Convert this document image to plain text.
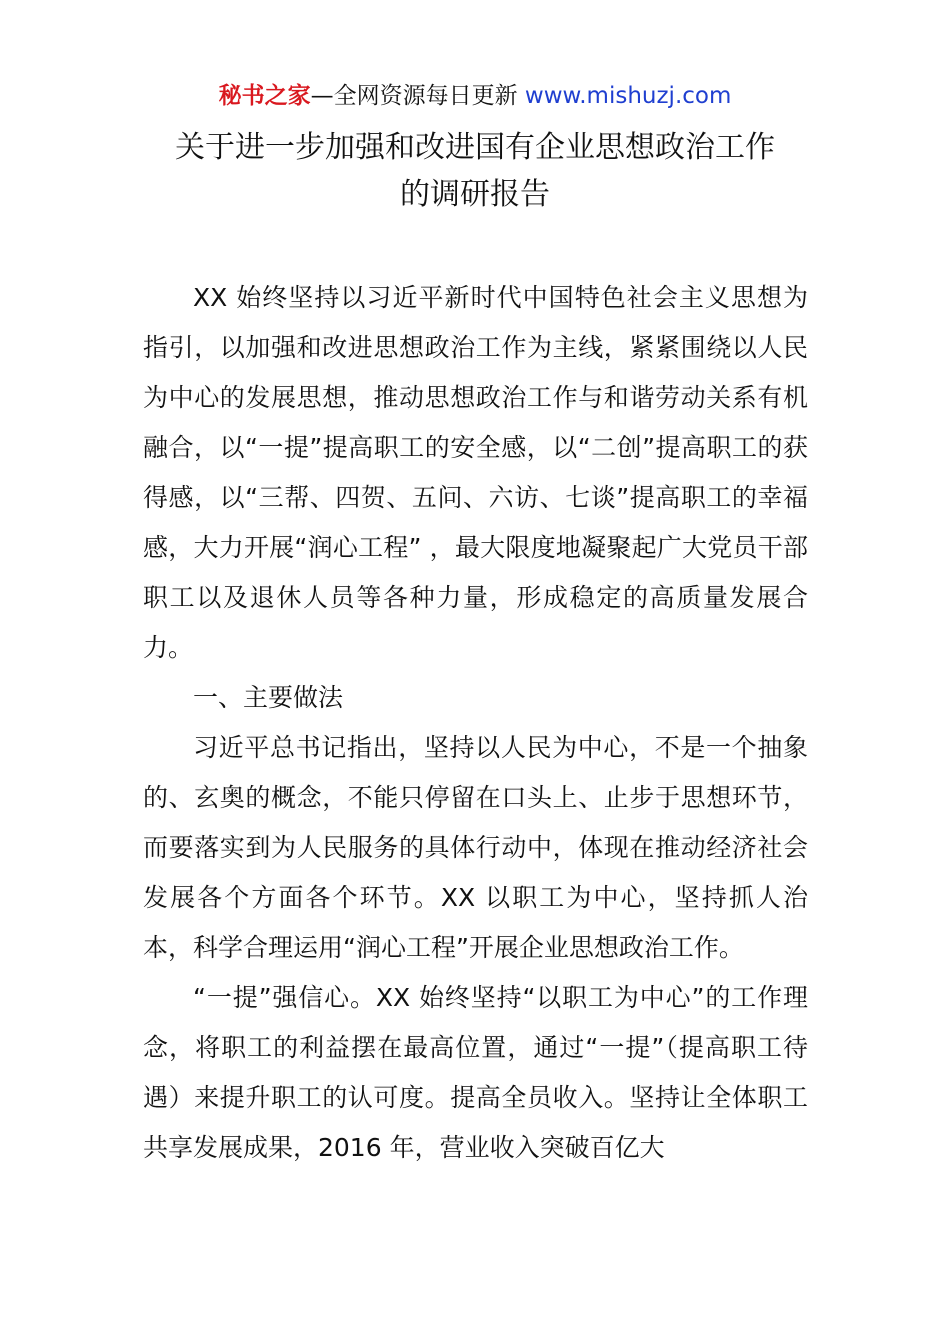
秘书之家—全网资源每日更新 www.mishuzj.com
关于进一步加强和改进国有企业思想政治工作
的调研报告

XX 始终坚持以习近平新时代中国特色社会主义思想为指引，以加强和改进思想政治工作为主线，紧紧围绕以人民为中心的发展思想，推动思想政治工作与和谐劳动关系有机融合，以“一提”提高职工的安全感，以“二创”提高职工的获得感，以“三帮、四贺、五问、六访、七谈”提高职工的幸福感，大力开展“润心工程” ，最大限度地凝聚起广大党员干部职工以及退休人员等各种力量，形成稳定的高质量发展合力。

一、主要做法

习近平总书记指出，坚持以人民为中心，不是一个抽象的、玄奥的概念，不能只停留在口头上、止步于思想环节，而要落实到为人民服务的具体行动中，体现在推动经济社会发展各个方面各个环节。XX 以职工为中心，坚持抓人治本，科学合理运用“润心工程”开展企业思想政治工作。

“一提”强信心。XX 始终坚持“以职工为中心”的工作理念，将职工的利益摆在最高位置，通过“一提”（提高职工待遇）来提升职工的认可度。提高全员收入。坚持让全体职工共享发展成果，2016 年，营业收入突破百亿大
